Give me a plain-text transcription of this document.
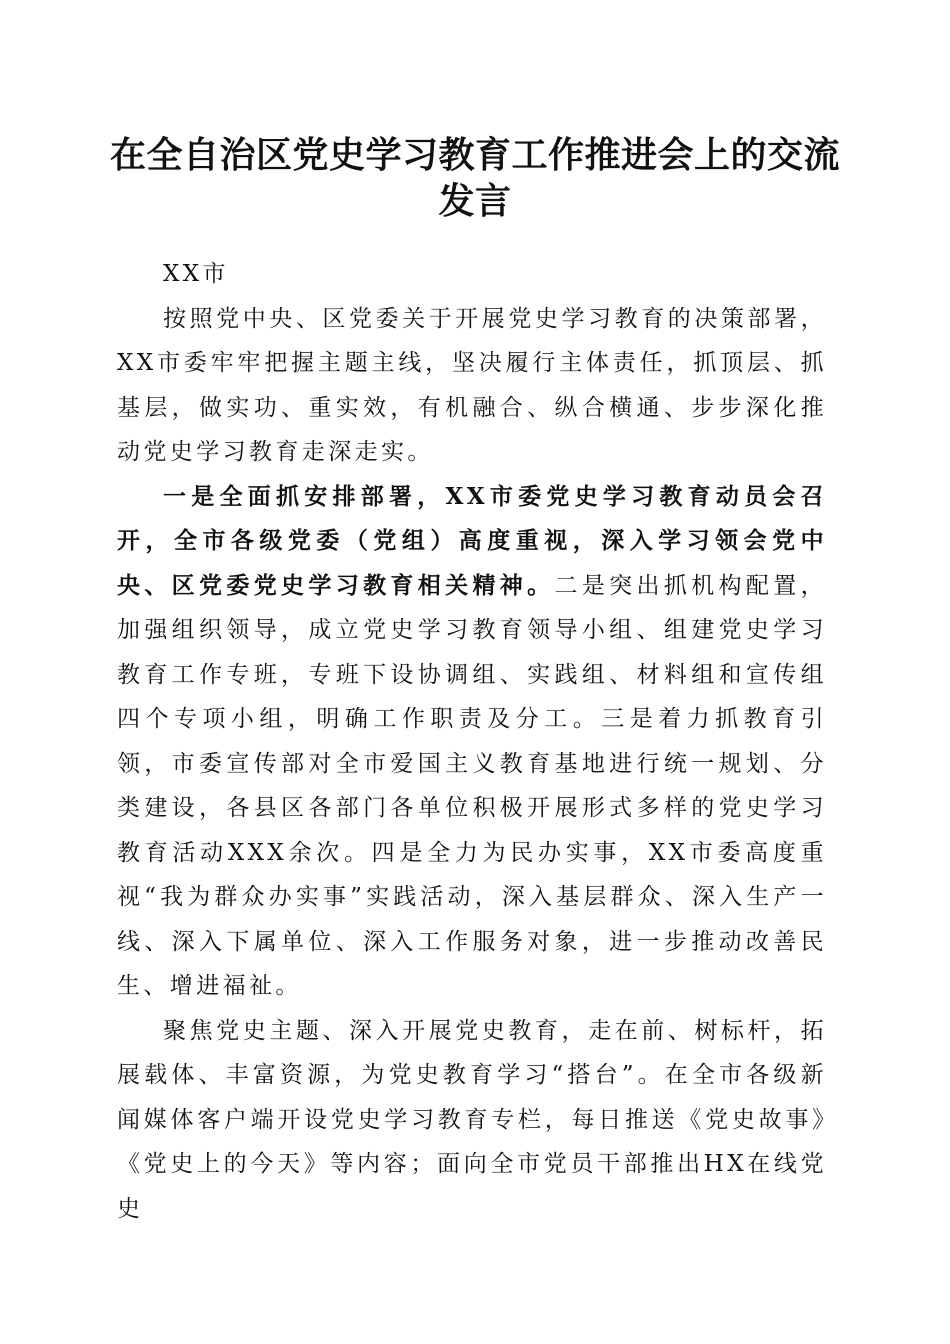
在全自治区党史学习教育工作推进会上的交流发言

XX市

按照党中央、区党委关于开展党史学习教育的决策部署，XX市委牢牢把握主题主线，坚决履行主体责任，抓顶层、抓基层，做实功、重实效，有机融合、纵合横通、步步深化推动党史学习教育走深走实。

一是全面抓安排部署，XX市委党史学习教育动员会召开，全市各级党委（党组）高度重视，深入学习领会党中央、区党委党史学习教育相关精神。二是突出抓机构配置，加强组织领导，成立党史学习教育领导小组、组建党史学习教育工作专班，专班下设协调组、实践组、材料组和宣传组四个专项小组，明确工作职责及分工。三是着力抓教育引领，市委宣传部对全市爱国主义教育基地进行统一规划、分类建设，各县区各部门各单位积极开展形式多样的党史学习教育活动XXX余次。四是全力为民办实事，XX市委高度重视“我为群众办实事”实践活动，深入基层群众、深入生产一线、深入下属单位、深入工作服务对象，进一步推动改善民生、增进福祉。

聚焦党史主题、深入开展党史教育，走在前、树标杆，拓展载体、丰富资源，为党史教育学习“搭台”。在全市各级新闻媒体客户端开设党史学习教育专栏，每日推送《党史故事》《党史上的今天》等内容；面向全市党员干部推出HX在线党史
